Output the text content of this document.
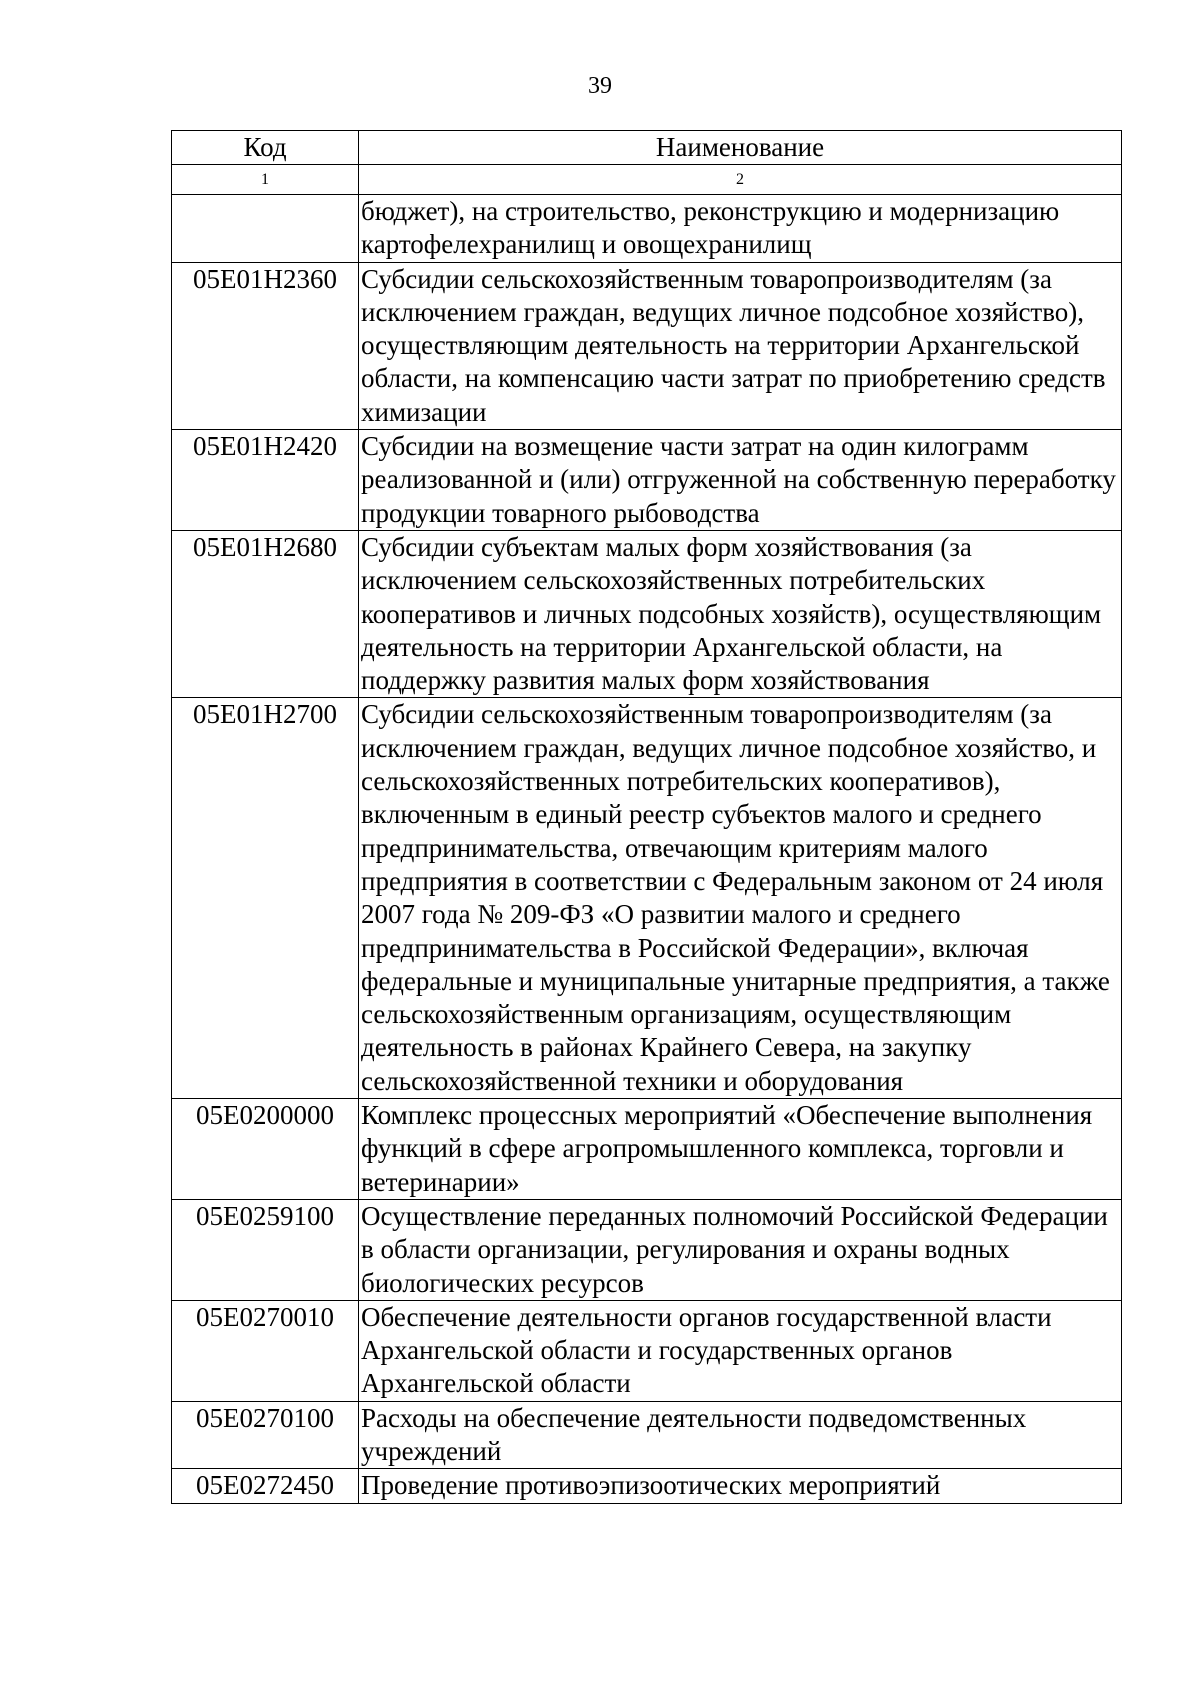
39
Код	Наименование
1	2
	бюджет), на строительство, реконструкцию и модернизацию картофелехранилищ и овощехранилищ
05Е01Н2360	Субсидии сельскохозяйственным товаропроизводителям (за исключением граждан, ведущих личное подсобное хозяйство), осуществляющим деятельность на территории Архангельской области, на компенсацию части затрат по приобретению средств химизации
05Е01Н2420	Субсидии на возмещение части затрат на один килограмм реализованной и (или) отгруженной на собственную переработку продукции товарного рыбоводства
05Е01Н2680	Субсидии субъектам малых форм хозяйствования (за исключением сельскохозяйственных потребительских кооперативов и личных подсобных хозяйств), осуществляющим деятельность на территории Архангельской области, на поддержку развития малых форм хозяйствования
05Е01Н2700	Субсидии сельскохозяйственным товаропроизводителям (за исключением граждан, ведущих личное подсобное хозяйство, и сельскохозяйственных потребительских кооперативов), включенным в единый реестр субъектов малого и среднего предпринимательства, отвечающим критериям малого предприятия в соответствии с Федеральным законом от 24 июля 2007 года № 209-ФЗ «О развитии малого и среднего предпринимательства в Российской Федерации», включая федеральные и муниципальные унитарные предприятия, а также сельскохозяйственным организациям, осуществляющим деятельность в районах Крайнего Севера, на закупку сельскохозяйственной техники и оборудования
05Е0200000	Комплекс процессных мероприятий «Обеспечение выполнения функций в сфере агропромышленного комплекса, торговли и ветеринарии»
05Е0259100	Осуществление переданных полномочий Российской Федерации в области организации, регулирования и охраны водных биологических ресурсов
05Е0270010	Обеспечение деятельности органов государственной власти Архангельской области и государственных органов Архангельской области
05Е0270100	Расходы на обеспечение деятельности подведомственных учреждений
05Е0272450	Проведение противоэпизоотических мероприятий
